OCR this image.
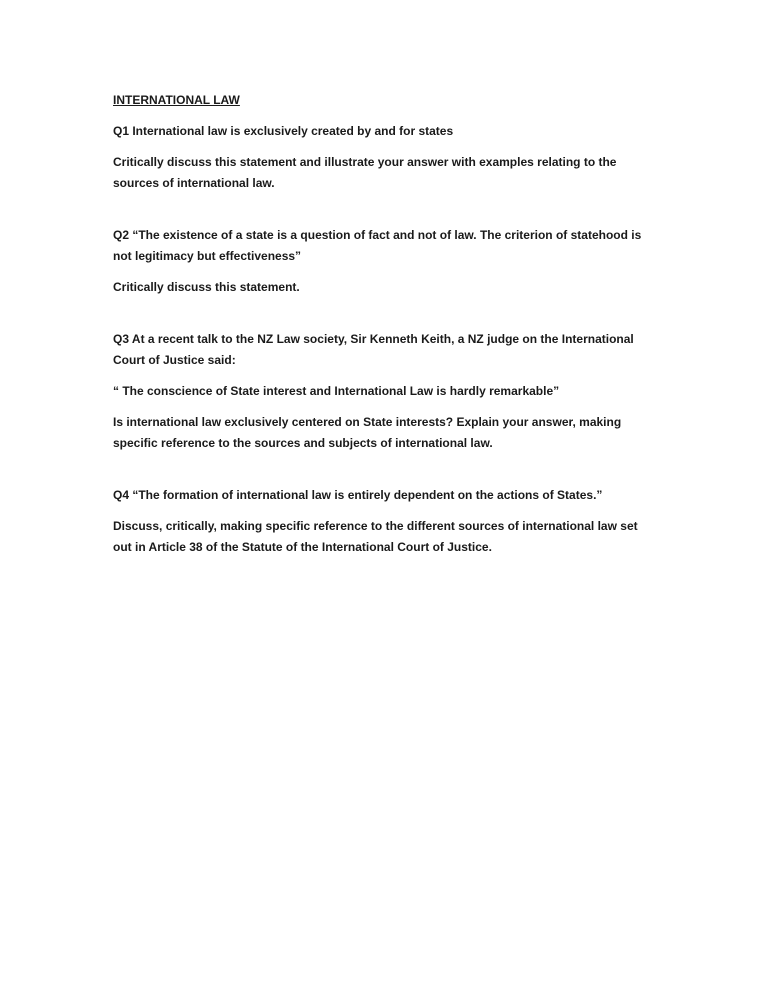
INTERNATIONAL LAW

Q1 International law is exclusively created by and for states

Critically discuss this statement and illustrate your answer with examples relating to the sources of international law.

Q2 “The existence of a state is a question of fact and not of law. The criterion of statehood is not legitimacy but effectiveness”

Critically discuss this statement.

Q3 At a recent talk to the NZ Law society, Sir Kenneth Keith, a NZ judge on the International Court of Justice said:

“ The conscience of State interest and International Law is hardly remarkable”

Is international law exclusively centered on State interests? Explain your answer, making specific reference to the sources and subjects of international law.

Q4 “The formation of international law is entirely dependent on the actions of States.”

Discuss, critically, making specific reference to the different sources of international law set out in Article 38 of the Statute of the International Court of Justice.
